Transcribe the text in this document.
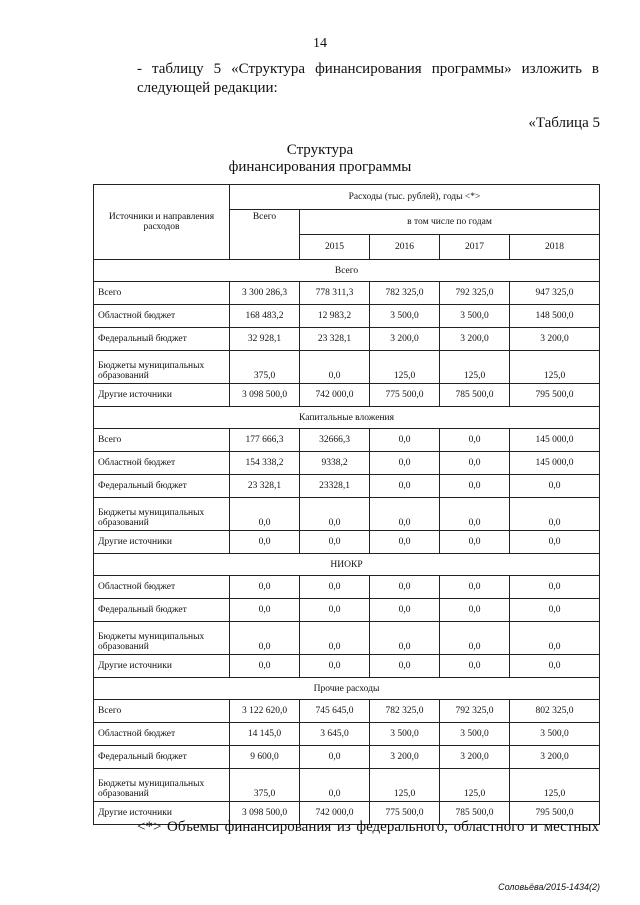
14
- таблицу 5 «Структура финансирования программы» изложить в
следующей редакции:
«Таблица 5
Структура
финансирования программы
Источники и направления расходов	Расходы (тыс. рублей), годы <*>				
	Всего	в том числе по годам			
		2015	2016	2017	2018
Всего					
Всего	3 300 286,3	778 311,3	782 325,0	792 325,0	947 325,0
Областной бюджет	168 483,2	12 983,2	3 500,0	3 500,0	148 500,0
Федеральный бюджет	32 928,1	23 328,1	3 200,0	3 200,0	3 200,0
Бюджеты муниципальных образований	375,0	0,0	125,0	125,0	125,0
Другие источники	3 098 500,0	742 000,0	775 500,0	785 500,0	795 500,0
Капитальные вложения					
Всего	177 666,3	32666,3	0,0	0,0	145 000,0
Областной бюджет	154 338,2	9338,2	0,0	0,0	145 000,0
Федеральный бюджет	23 328,1	23328,1	0,0	0,0	0,0
Бюджеты муниципальных образований	0,0	0,0	0,0	0,0	0,0
Другие источники	0,0	0,0	0,0	0,0	0,0
НИОКР					
Областной бюджет	0,0	0,0	0,0	0,0	0,0
Федеральный бюджет	0,0	0,0	0,0	0,0	0,0
Бюджеты муниципальных образований	0,0	0,0	0,0	0,0	0,0
Другие источники	0,0	0,0	0,0	0,0	0,0
Прочие расходы					
Всего	3 122 620,0	745 645,0	782 325,0	792 325,0	802 325,0
Областной бюджет	14 145,0	3 645,0	3 500,0	3 500,0	3 500,0
Федеральный бюджет	9 600,0	0,0	3 200,0	3 200,0	3 200,0
Бюджеты муниципальных образований	375,0	0,0	125,0	125,0	125,0
Другие источники	3 098 500,0	742 000,0	775 500,0	785 500,0	795 500,0
<*> Объемы финансирования из федерального, областного и местных
Соловьёва/2015-1434(2)
